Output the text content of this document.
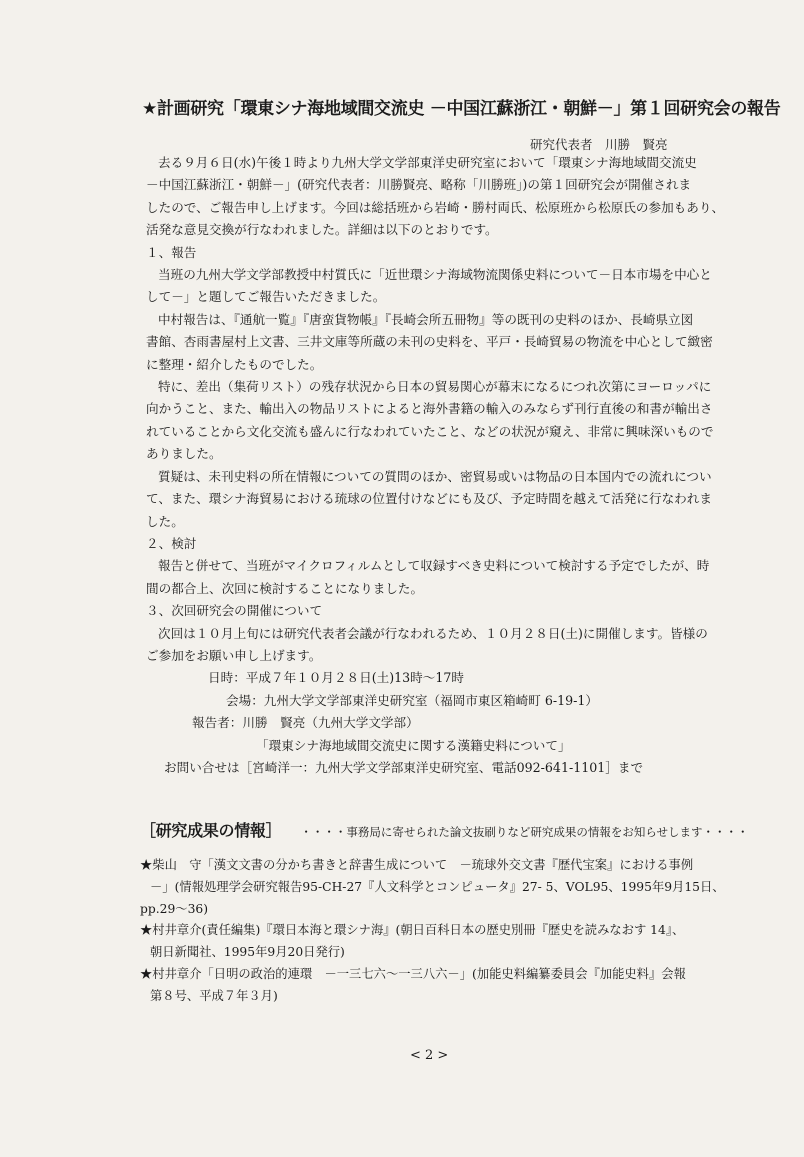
★計画研究「環東シナ海地域間交流史 －中国江蘇浙江・朝鮮－」第１回研究会の報告
研究代表者　川勝　賢亮

去る９月６日(水)午後１時より九州大学文学部東洋史研究室において「環東シナ海地域間交流史

－中国江蘇浙江・朝鮮－」(研究代表者：川勝賢亮、略称「川勝班」)の第１回研究会が開催されま

したので、ご報告申し上げます。今回は総括班から岩崎・勝村両氏、松原班から松原氏の参加もあり、

活発な意見交換が行なわれました。詳細は以下のとおりです。

１、報告

当班の九州大学文学部教授中村質氏に「近世環シナ海域物流関係史料について－日本市場を中心と

して－」と題してご報告いただきました。

中村報告は、『通航一覧』『唐蛮貨物帳』『長崎会所五冊物』等の既刊の史料のほか、長崎県立図

書館、杏雨書屋村上文書、三井文庫等所蔵の未刊の史料を、平戸・長崎貿易の物流を中心として緻密

に整理・紹介したものでした。

特に、差出（集荷リスト）の残存状況から日本の貿易関心が幕末になるにつれ次第にヨーロッパに

向かうこと、また、輸出入の物品リストによると海外書籍の輸入のみならず刊行直後の和書が輸出さ

れていることから文化交流も盛んに行なわれていたこと、などの状況が窺え、非常に興味深いもので

ありました。

質疑は、未刊史料の所在情報についての質問のほか、密貿易或いは物品の日本国内での流れについ

て、また、環シナ海貿易における琉球の位置付けなどにも及び、予定時間を越えて活発に行なわれま

した。

２、検討

報告と併せて、当班がマイクロフィルムとして収録すべき史料について検討する予定でしたが、時

間の都合上、次回に検討することになりました。

３、次回研究会の開催について

次回は１０月上旬には研究代表者会議が行なわれるため、１０月２８日(土)に開催します。皆様の

ご参加をお願い申し上げます。

日時：平成７年１０月２８日(土)13時～17時

会場：九州大学文学部東洋史研究室（福岡市東区箱崎町 6-19-1）

報告者：川勝　賢亮（九州大学文学部）

「環東シナ海地域間交流史に関する漢籍史料について」

お問い合せは［宮崎洋一：九州大学文学部東洋史研究室、電話092-641-1101］まで

［研究成果の情報］ ・・・・事務局に寄せられた論文抜刷りなど研究成果の情報をお知らせします・・・・
★柴山　守「漢文文書の分かち書きと辞書生成について　－琉球外交文書『歴代宝案』における事例
－」(情報処理学会研究報告95-CH-27『人文科学とコンピュータ』27- 5、VOL95、1995年9月15日、
pp.29～36)
★村井章介(責任編集)『環日本海と環シナ海』(朝日百科日本の歴史別冊『歴史を読みなおす 14』、
朝日新聞社、1995年9月20日発行)
★村井章介「日明の政治的連環　－一三七六～一三八六－」(加能史料編纂委員会『加能史料』会報
第８号、平成７年３月)
< 2 >
